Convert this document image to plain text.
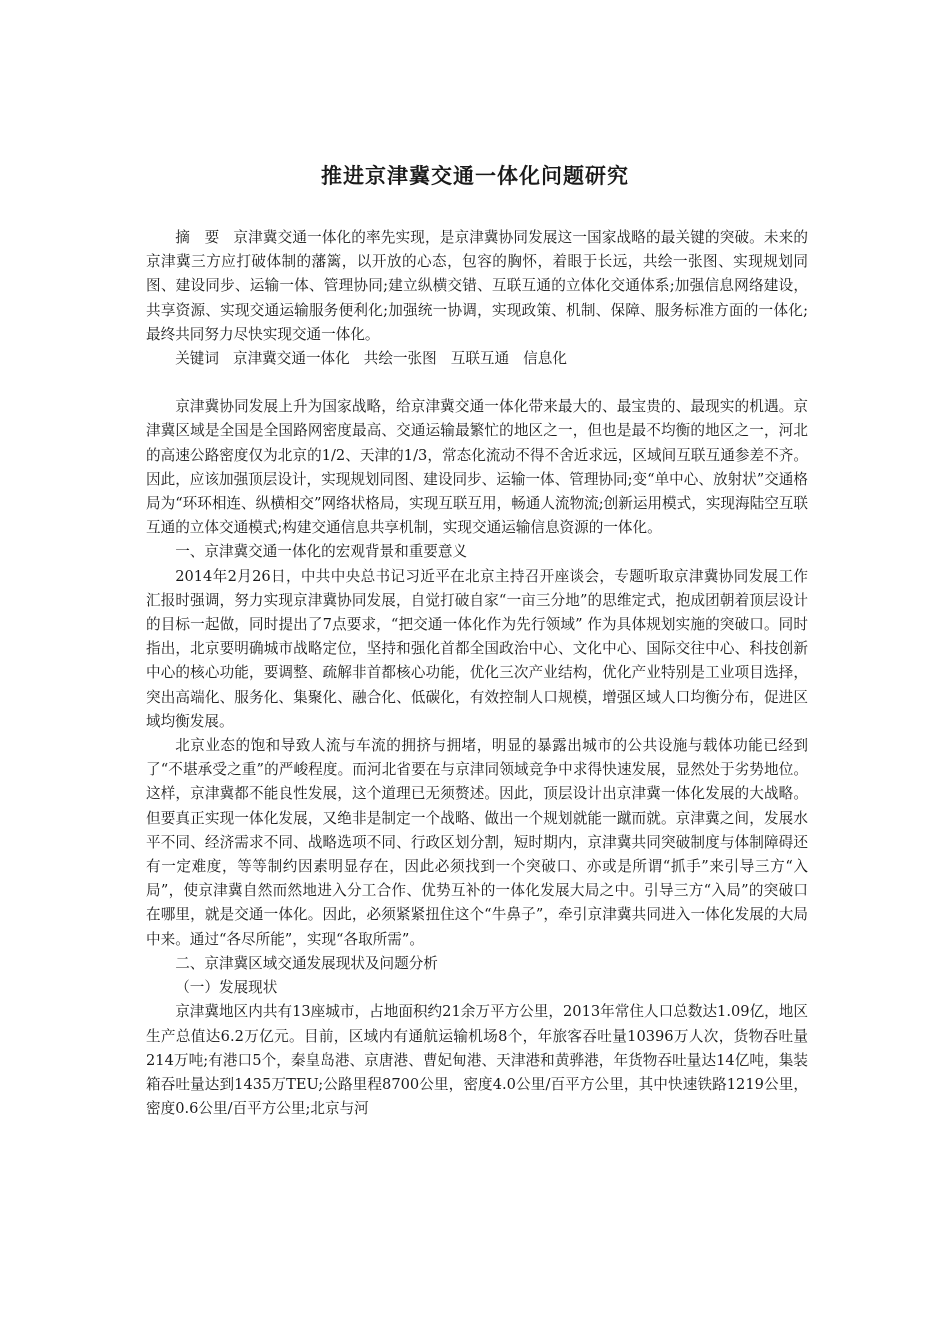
推进京津冀交通一体化问题研究

摘　要 京津冀交通一体化的率先实现，是京津冀协同发展这一国家战略的最关键的突破。未来的京津冀三方应打破体制的藩篱，以开放的心态，包容的胸怀，着眼于长远，共绘一张图、实现规划同图、建设同步、运输一体、管理协同;建立纵横交错、互联互通的立体化交通体系;加强信息网络建设，共享资源、实现交通运输服务便利化;加强统一协调，实现政策、机制、保障、服务标准方面的一体化;最终共同努力尽快实现交通一体化。

关键词 京津冀交通一体化 共绘一张图 互联互通 信息化

京津冀协同发展上升为国家战略，给京津冀交通一体化带来最大的、最宝贵的、最现实的机遇。京津冀区域是全国是全国路网密度最高、交通运输最繁忙的地区之一，但也是最不均衡的地区之一，河北的高速公路密度仅为北京的1/2、天津的1/3，常态化流动不得不舍近求远，区域间互联互通参差不齐。因此，应该加强顶层设计，实现规划同图、建设同步、运输一体、管理协同;变“单中心、放射状”交通格局为“环环相连、纵横相交”网络状格局，实现互联互用，畅通人流物流;创新运用模式，实现海陆空互联互通的立体交通模式;构建交通信息共享机制，实现交通运输信息资源的一体化。

一、京津冀交通一体化的宏观背景和重要意义

2014年2月26日，中共中央总书记习近平在北京主持召开座谈会，专题听取京津冀协同发展工作汇报时强调，努力实现京津冀协同发展，自觉打破自家“一亩三分地”的思维定式，抱成团朝着顶层设计的目标一起做，同时提出了7点要求，“把交通一体化作为先行领域” 作为具体规划实施的突破口。同时指出，北京要明确城市战略定位，坚持和强化首都全国政治中心、文化中心、国际交往中心、科技创新中心的核心功能，要调整、疏解非首都核心功能，优化三次产业结构，优化产业特别是工业项目选择，突出高端化、服务化、集聚化、融合化、低碳化，有效控制人口规模，增强区域人口均衡分布，促进区域均衡发展。

北京业态的饱和导致人流与车流的拥挤与拥堵，明显的暴露出城市的公共设施与载体功能已经到了“不堪承受之重”的严峻程度。而河北省要在与京津同领域竞争中求得快速发展，显然处于劣势地位。这样，京津冀都不能良性发展，这个道理已无须赘述。因此，顶层设计出京津冀一体化发展的大战略。但要真正实现一体化发展，又绝非是制定一个战略、做出一个规划就能一蹴而就。京津冀之间，发展水平不同、经济需求不同、战略选项不同、行政区划分割，短时期内，京津冀共同突破制度与体制障碍还有一定难度，等等制约因素明显存在，因此必须找到一个突破口、亦或是所谓“抓手”来引导三方“入局”，使京津冀自然而然地进入分工合作、优势互补的一体化发展大局之中。引导三方“入局”的突破口在哪里，就是交通一体化。因此，必须紧紧扭住这个“牛鼻子”，牵引京津冀共同进入一体化发展的大局中来。通过“各尽所能”，实现“各取所需”。

二、京津冀区域交通发展现状及问题分析

（一）发展现状

京津冀地区内共有13座城市，占地面积约21余万平方公里，2013年常住人口总数达1.09亿，地区生产总值达6.2万亿元。目前，区域内有通航运输机场8个，年旅客吞吐量10396万人次，货物吞吐量214万吨;有港口5个，秦皇岛港、京唐港、曹妃甸港、天津港和黄骅港，年货物吞吐量达14亿吨，集装箱吞吐量达到1435万TEU;公路里程8700公里，密度4.0公里/百平方公里，其中快速铁路1219公里，密度0.6公里/百平方公里;北京与河
